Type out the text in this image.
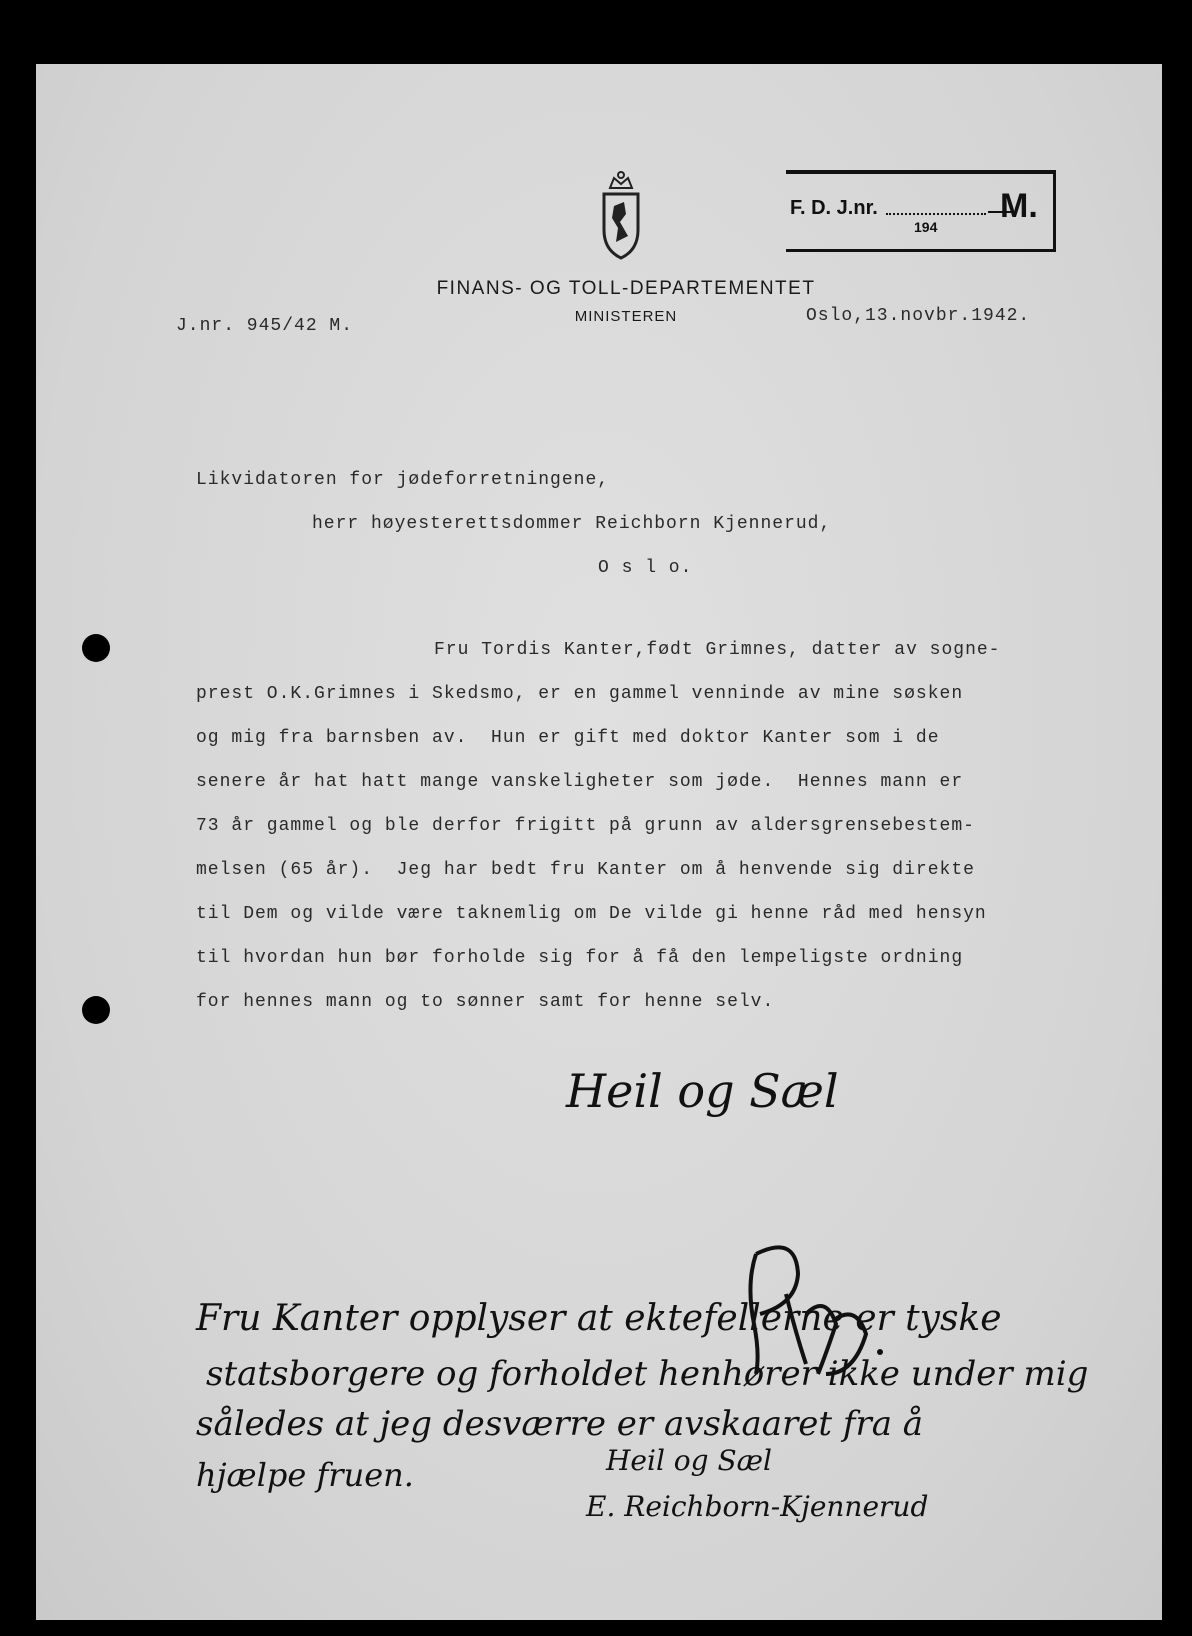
FINANS- OG TOLL-DEPARTEMENTET
MINISTEREN
F. D. J.nr.
194
M.
J.nr. 945/42 M.	Oslo,13.novbr.1942.
Likvidatoren for jødeforretningene,
herr høyesterettsdommer Reichborn Kjennerud,
O s l o.
Fru Tordis Kanter,født Grimnes, datter av sogne-
prest O.K.Grimnes i Skedsmo, er en gammel venninde av mine søsken
og mig fra barnsben av.  Hun er gift med doktor Kanter som i de
senere år hat hatt mange vanskeligheter som jøde.  Hennes mann er
73 år gammel og ble derfor frigitt på grunn av aldersgrensebestem-
melsen (65 år).  Jeg har bedt fru Kanter om å henvende sig direkte
til Dem og vilde være taknemlig om De vilde gi henne råd med hensyn
til hvordan hun bør forholde sig for å få den lempeligste ordning
for hennes mann og to sønner samt for henne selv.
Heil og Sæl
Fru Kanter opplyser at ektefellerne er tyske
statsborgere og forholdet henhører ikke under mig
således at jeg desværre er avskaaret fra å
hjælpe fruen.	Heil og Sæl
E. Reichborn-Kjennerud
